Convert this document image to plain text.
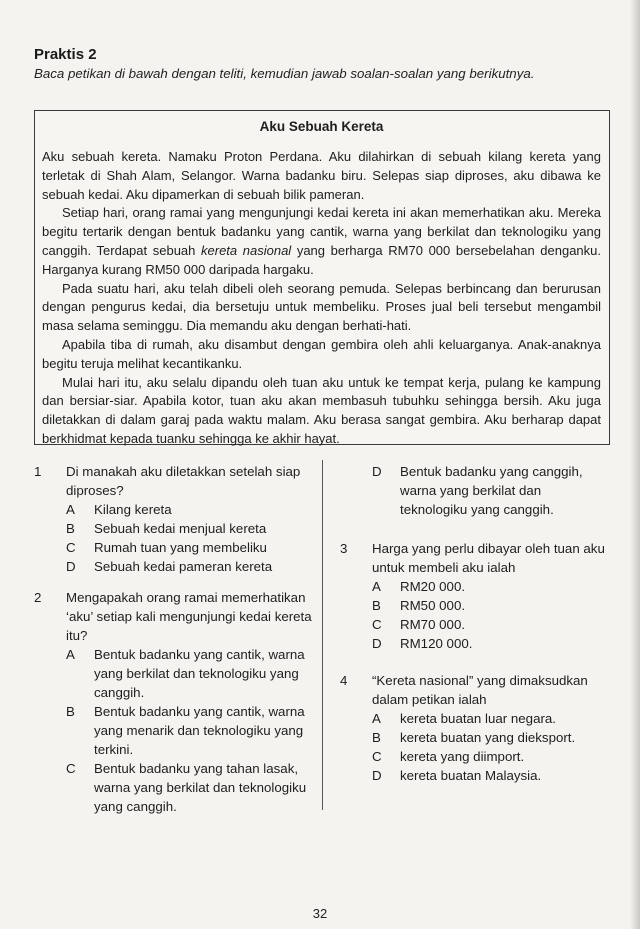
Praktis 2
Baca petikan di bawah dengan teliti, kemudian jawab soalan-soalan yang berikutnya.
Aku Sebuah Kereta

Aku sebuah kereta. Namaku Proton Perdana. Aku dilahirkan di sebuah kilang kereta yang terletak di Shah Alam, Selangor. Warna badanku biru. Selepas siap diproses, aku dibawa ke sebuah kedai. Aku dipamerkan di sebuah bilik pameran.

Setiap hari, orang ramai yang mengunjungi kedai kereta ini akan memerhatikan aku. Mereka begitu tertarik dengan bentuk badanku yang cantik, warna yang berkilat dan teknologiku yang canggih. Terdapat sebuah kereta nasional yang berharga RM70 000 bersebelahan denganku. Harganya kurang RM50 000 daripada hargaku.

Pada suatu hari, aku telah dibeli oleh seorang pemuda. Selepas berbincang dan berurusan dengan pengurus kedai, dia bersetuju untuk membeliku. Proses jual beli tersebut mengambil masa selama seminggu. Dia memandu aku dengan berhati-hati.

Apabila tiba di rumah, aku disambut dengan gembira oleh ahli keluarganya. Anak-anaknya begitu teruja melihat kecantikanku.

Mulai hari itu, aku selalu dipandu oleh tuan aku untuk ke tempat kerja, pulang ke kampung dan bersiar-siar. Apabila kotor, tuan aku akan membasuh tubuhku sehingga bersih. Aku juga diletakkan di dalam garaj pada waktu malam. Aku berasa sangat gembira. Aku berharap dapat berkhidmat kepada tuanku sehingga ke akhir hayat.

1	Di manakah aku diletakkan setelah siap diproses?
A Kilang kereta
B Sebuah kedai menjual kereta
C Rumah tuan yang membeliku
D Sebuah kedai pameran kereta
2	Mengapakah orang ramai memerhatikan ‘aku’ setiap kali mengunjungi kedai kereta itu?
A Bentuk badanku yang cantik, warna yang berkilat dan teknologiku yang canggih.
B Bentuk badanku yang cantik, warna yang menarik dan teknologiku yang terkini.
C Bentuk badanku yang tahan lasak, warna yang berkilat dan teknologiku yang canggih.
D Bentuk badanku yang canggih, warna yang berkilat dan teknologiku yang canggih.
3	Harga yang perlu dibayar oleh tuan aku untuk membeli aku ialah
A RM20 000.
B RM50 000.
C RM70 000.
D RM120 000.
4	“Kereta nasional” yang dimaksudkan dalam petikan ialah
A kereta buatan luar negara.
B kereta buatan yang dieksport.
C kereta yang diimport.
D kereta buatan Malaysia.
32
